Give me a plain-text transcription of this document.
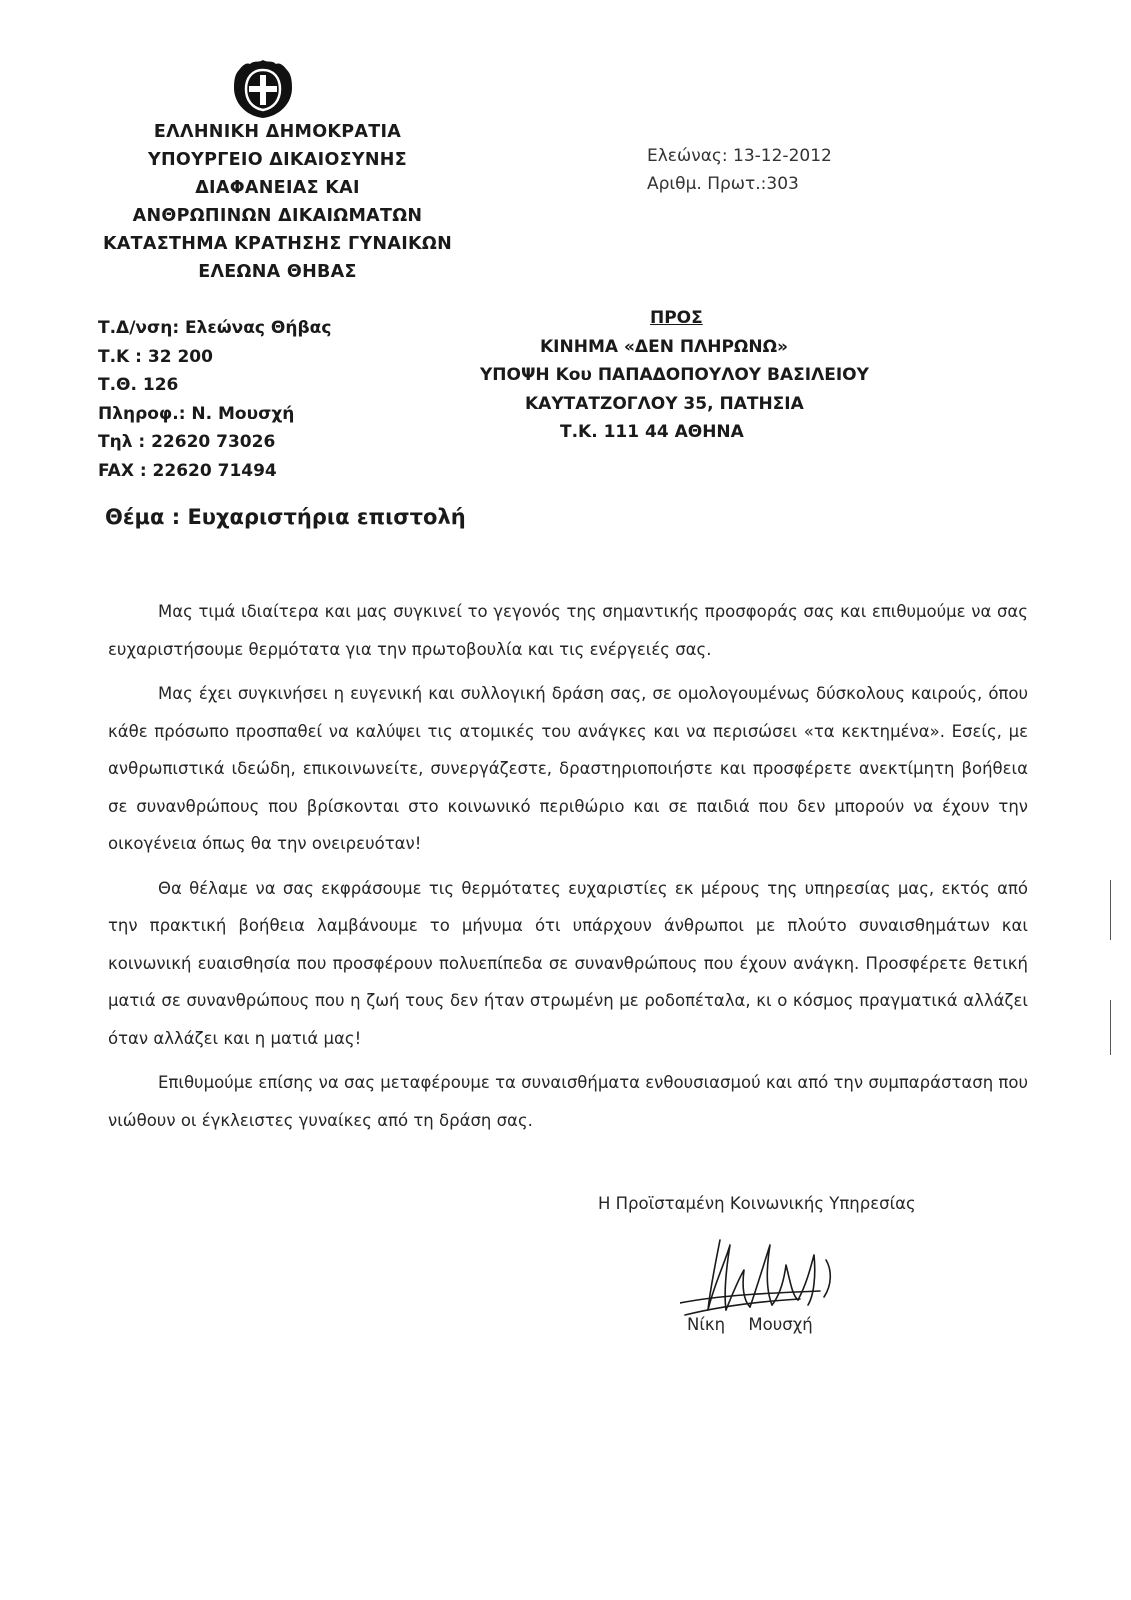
ΕΛΛΗΝΙΚΗ ΔΗΜΟΚΡΑΤΙΑ
ΥΠΟΥΡΓΕΙΟ ΔΙΚΑΙΟΣΥΝΗΣ
ΔΙΑΦΑΝΕΙΑΣ ΚΑΙ
ΑΝΘΡΩΠΙΝΩΝ ΔΙΚΑΙΩΜΑΤΩΝ
ΚΑΤΑΣΤΗΜΑ ΚΡΑΤΗΣΗΣ ΓΥΝΑΙΚΩΝ
ΕΛΕΩΝΑ ΘΗΒΑΣ
Ελεώνας: 13-12-2012
Αριθμ. Πρωτ.:303
Τ.Δ/νση: Ελεώνας Θήβας
Τ.Κ : 32 200
Τ.Θ. 126
Πληροφ.: Ν. Μουσχή
Τηλ : 22620 73026
FAX : 22620 71494
ΠΡΟΣ
ΚΙΝΗΜΑ «ΔΕΝ ΠΛΗΡΩΝΩ»
ΥΠΟΨΗ Κου ΠΑΠΑΔΟΠΟΥΛΟΥ ΒΑΣΙΛΕΙΟΥ
ΚΑΥΤΑΤΖΟΓΛΟΥ 35, ΠΑΤΗΣΙΑ
Τ.Κ. 111 44 ΑΘΗΝΑ
Θέμα : Ευχαριστήρια επιστολή

Μας τιμά ιδιαίτερα και μας συγκινεί το γεγονός της σημαντικής προσφοράς σας και επιθυμούμε να σας ευχαριστήσουμε θερμότατα για την πρωτοβουλία και τις ενέργειές σας.

Μας έχει συγκινήσει η ευγενική και συλλογική δράση σας, σε ομολογουμένως δύσκολους καιρούς, όπου κάθε πρόσωπο προσπαθεί να καλύψει τις ατομικές του ανάγκες και να περισώσει «τα κεκτημένα». Εσείς, με ανθρωπιστικά ιδεώδη, επικοινωνείτε, συνεργάζεστε, δραστηριοποιήστε και προσφέρετε ανεκτίμητη βοήθεια σε συνανθρώπους που βρίσκονται στο κοινωνικό περιθώριο και σε παιδιά που δεν μπορούν να έχουν την οικογένεια όπως θα την ονειρευόταν!

Θα θέλαμε να σας εκφράσουμε τις θερμότατες ευχαριστίες εκ μέρους της υπηρεσίας μας, εκτός από την πρακτική βοήθεια λαμβάνουμε το μήνυμα ότι υπάρχουν άνθρωποι με πλούτο συναισθημάτων και κοινωνική ευαισθησία που προσφέρουν πολυεπίπεδα σε συνανθρώπους που έχουν ανάγκη. Προσφέρετε θετική ματιά σε συνανθρώπους που η ζωή τους δεν ήταν στρωμένη με ροδοπέταλα, κι ο κόσμος πραγματικά αλλάζει όταν αλλάζει και η ματιά μας!

Επιθυμούμε επίσης να σας μεταφέρουμε τα συναισθήματα ενθουσιασμού και από την συμπαράσταση που νιώθουν οι έγκλειστες γυναίκες από τη δράση σας.

Η Προϊσταμένη Κοινωνικής Υπηρεσίας
Νίκη Μουσχή
